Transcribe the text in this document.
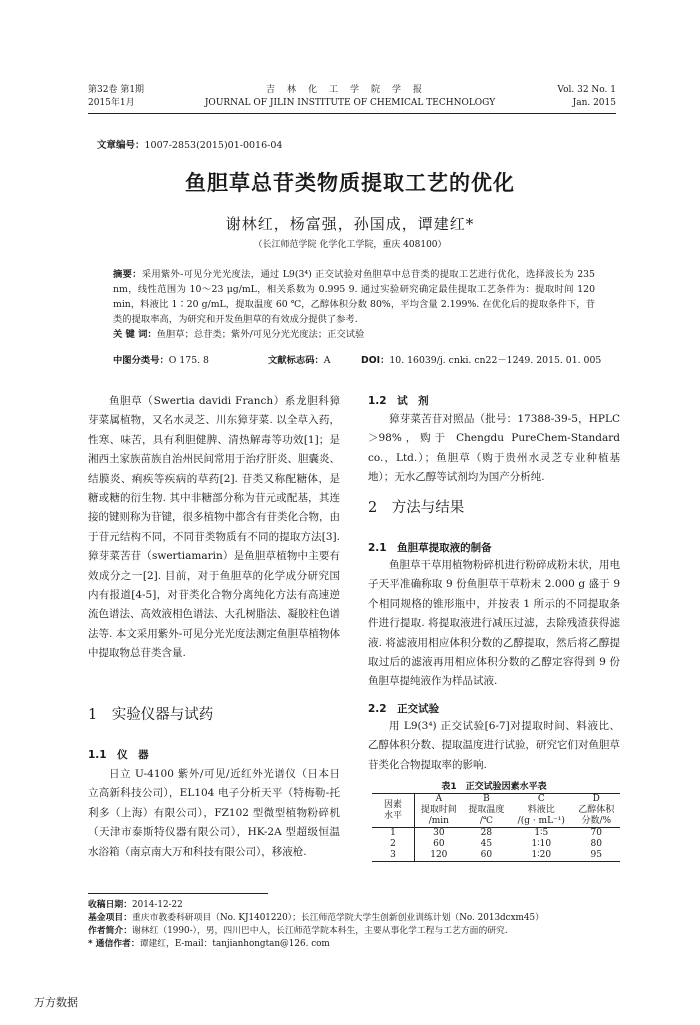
第32卷 第1期
2015年1月
吉林化工学院学报
JOURNAL OF JILIN INSTITUTE OF CHEMICAL TECHNOLOGY
Vol. 32 No. 1
Jan. 2015
文章编号：1007-2853(2015)01-0016-04
鱼胆草总苷类物质提取工艺的优化
谢林红，杨富强，孙国成，谭建红*
（长江师范学院 化学化工学院，重庆 408100）
摘要：采用紫外-可见分光光度法，通过 L9(3⁴) 正交试验对鱼胆草中总苷类的提取工艺进行优化，选择波长为 235 nm，线性范围为 10～23 μg/mL，相关系数为 0.995 9. 通过实验研究确定最佳提取工艺条件为：提取时间 120 min，料液比 1∶20 g/mL，提取温度 60 ℃，乙醇体积分数 80%，平均含量 2.199%. 在优化后的提取条件下，苷类的提取率高，为研究和开发鱼胆草的有效成分提供了参考.
关 键 词：鱼胆草；总苷类；紫外/可见分光光度法；正交试验
中图分类号：O 175. 8	文献标志码：A	DOI：10. 16039/j. cnki. cn22－1249. 2015. 01. 005

鱼胆草（Swertia davidi Franch）系龙胆科獐芽菜属植物，又名水灵芝、川东獐芽菜. 以全草入药，性寒、味苦，具有利胆健脾、清热解毒等功效[1]；是湘西土家族苗族自治州民间常用于治疗肝炎、胆囊炎、结膜炎、痢疾等疾病的草药[2]. 苷类又称配糖体，是糖或糖的衍生物. 其中非糖部分称为苷元或配基，其连接的键则称为苷键，很多植物中都含有苷类化合物，由于苷元结构不同，不同苷类物质有不同的提取方法[3]. 獐芽菜苦苷（swertiamarin）是鱼胆草植物中主要有效成分之一[2]. 目前，对于鱼胆草的化学成分研究国内有报道[4-5]，对苷类化合物分离纯化方法有高速逆流色谱法、高效液相色谱法、大孔树脂法、凝胶柱色谱法等. 本文采用紫外-可见分光光度法测定鱼胆草植物体中提取物总苷类含量.

1　实验仪器与试药
1.1　仪　器

日立 U-4100 紫外/可见/近红外光谱仪（日本日立高新科技公司），EL104 电子分析天平（特梅勒-托利多（上海）有限公司），FZ102 型微型植物粉碎机（天津市泰斯特仪器有限公司），HK-2A 型超级恒温水浴箱（南京南大万和科技有限公司），移液枪.

1.2　试　剂

獐芽菜苦苷对照品（批号：17388-39-5，HPLC＞98%，购于 Chengdu PureChem-Standard co.，Ltd.）；鱼胆草（购于贵州水灵芝专业种植基地）；无水乙醇等试剂均为国产分析纯.

2　方法与结果
2.1　鱼胆草提取液的制备

鱼胆草干草用植物粉碎机进行粉碎成粉末状，用电子天平准确称取 9 份鱼胆草干草粉末 2.000 g 盛于 9 个相同规格的锥形瓶中，并按表 1 所示的不同提取条件进行提取. 将提取液进行减压过滤，去除残渣获得滤液. 将滤液用相应体积分数的乙醇提取，然后将乙醇提取过后的滤液再用相应体积分数的乙醇定容得到 9 份鱼胆草提纯液作为样品试液.

2.2　正交试验

用 L9(3⁴) 正交试验[6-7]对提取时间、料液比、乙醇体积分数、提取温度进行试验，研究它们对鱼胆草苷类化合物提取率的影响.

表1　正交试验因素水平表
因素
水平	A	B	C	D
	提取时间	提取温度	料液比	乙醇体积
	/min	/℃	/(g · mL⁻¹)	分数/%
1	30	28	1∶5	70
2	60	45	1∶10	80
3	120	60	1∶20	95
收稿日期：2014-12-22
基金项目：重庆市教委科研项目（No. KJ1401220）；长江师范学院大学生创新创业训练计划（No. 2013dcxm45）
作者简介：谢林红（1990-），男，四川巴中人，长江师范学院本科生，主要从事化学工程与工艺方面的研究.
* 通信作者：谭建红，E-mail：tanjianhongtan@126. com
万方数据
